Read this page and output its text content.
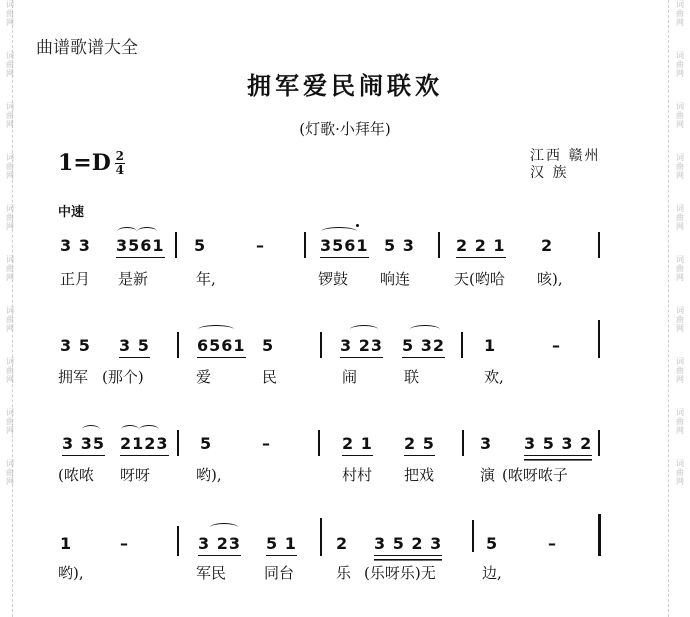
词
曲
网
词
曲
网
词
曲
网
词
曲
网
词
曲
网
词
曲
网
词
曲
网
词
曲
网
词
曲
网
词
曲
网
词
曲
网
词
曲
网
词
曲
网
词
曲
网
词
曲
网
词
曲
网
词
曲
网
词
曲
网
词
曲
网
词
曲
网
曲谱歌谱大全
拥军爱民闹联欢
(灯歌·小拜年)
$1=D \frac{2}{4}$	江西 赣州
汉 族
中速
3 3 3561 5	–	3561 5 3	2 2 1 2
正月 是新	年,	锣鼓 响连	天(哟哈 咳),
3 5 3 5	6561 5	3 23 5 32 1	–
拥军 (那个)	爱	民	闹	联	欢,
3 35 2123 5	–	2 1 2 5	3 3 5 3 2
(哝哝 呀呀	哟),	村村 把戏	演 (哝呀哝子
1	–	3 23 5 1 2 3 5 2 3	5	–
哟),	军民	同台	乐 (乐呀乐)无	边,
